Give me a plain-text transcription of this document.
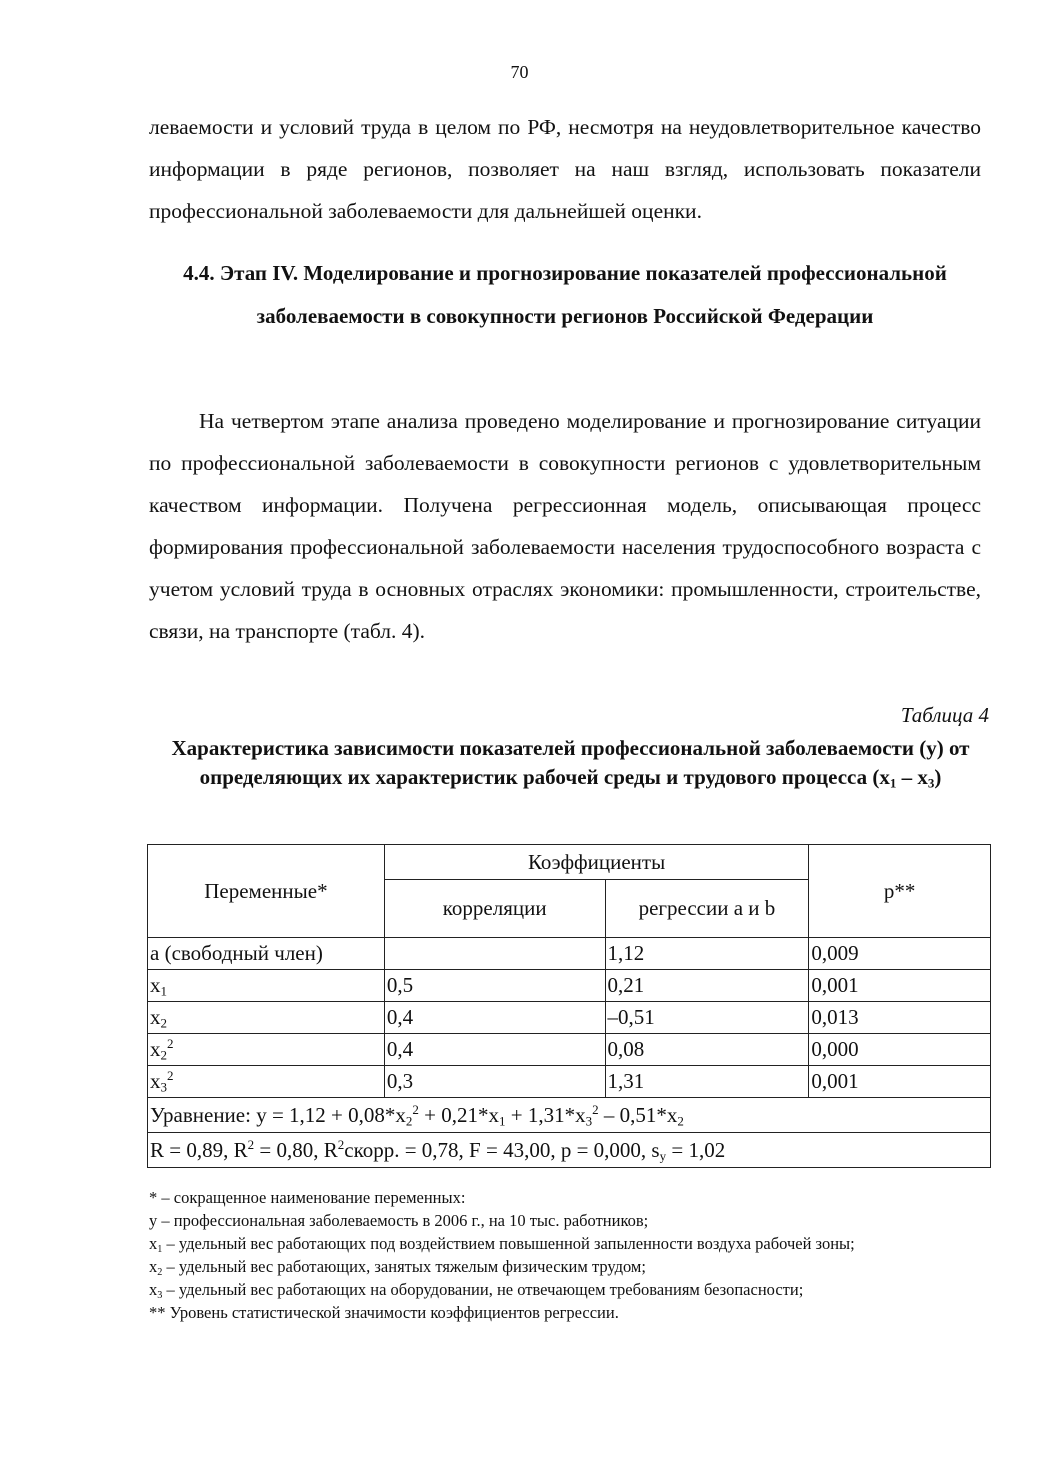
70

леваемости и условий труда в целом по РФ, несмотря на неудовлетворительное качество информации в ряде регионов, позволяет на наш взгляд, использовать показатели профессиональной заболеваемости для дальнейшей оценки.

4.4. Этап IV. Моделирование и прогнозирование показателей профессиональной заболеваемости в совокупности регионов Российской Федерации

На четвертом этапе анализа проведено моделирование и прогнозирование ситуации по профессиональной заболеваемости в совокупности регионов с удовлетворительным качеством информации. Получена регрессионная модель, описывающая процесс формирования профессиональной заболеваемости населения трудоспособного возраста с учетом условий труда в основных отраслях экономики: промышленности, строительстве, связи, на транспорте (табл. 4).

Таблица 4

Характеристика зависимости показателей профессиональной заболеваемости (y) от определяющих их характеристик рабочей среды и трудового процесса $(x_1 - x_3)$

Переменные*	Коэффициенты		p**
	корреляции	регрессии a и b	
a (свободный член)		1,12	0,009
$x_1$	0,5	0,21	0,001
$x_2$	0,4	–0,51	0,013
$x_2^2$	0,4	0,08	0,000
$x_3^2$	0,3	1,31	0,001
Уравнение: $y = 1,12 + 0,08*x_2^2 + 0,21*x_1 + 1,31*x_3^2 - 0,51*x_2$
R = 0,89, $R^2 = 0,80$, $R^2скорр$. = 0,78, F = 43,00, p = 0,000, $s_y = 1,02$			

* – сокращенное наименование переменных:

y – профессиональная заболеваемость в 2006 г., на 10 тыс. работников;

$x_1$ – удельный вес работающих под воздействием повышенной запыленности воздуха рабочей зоны;

$x_2$ – удельный вес работающих, занятых тяжелым физическим трудом;

$x_3$ – удельный вес работающих на оборудовании, не отвечающем требованиям безопасности;

** Уровень статистической значимости коэффициентов регрессии.
